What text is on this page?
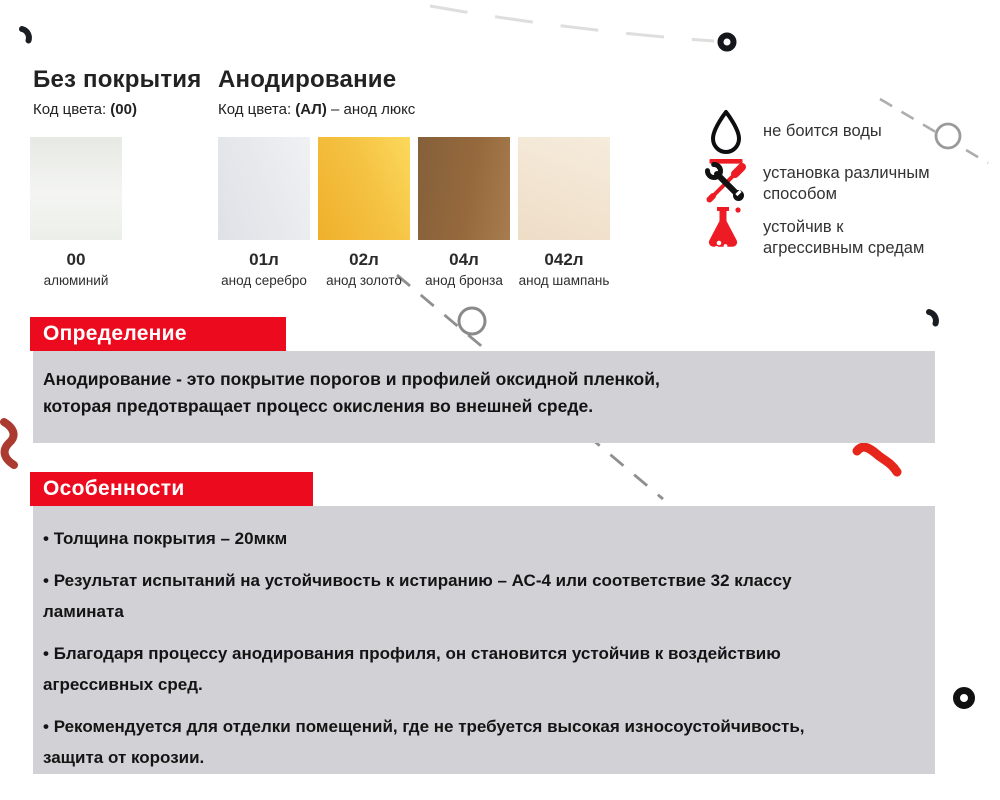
Без покрытия
Код цвета: (00)
Анодирование
Код цвета: (АЛ) – анод люкс
00
алюминий
01л
анод серебро
02л
анод золото
04л
анод бронза
042л
анод шампань
не боится воды
установка различным
способом
устойчив к
агрессивным средам
Определение
Анодирование - это покрытие порогов и профилей оксидной пленкой,
которая предотвращает процесс окисления во внешней среде.
Особенности
• Толщина покрытия – 20мкм
• Результат испытаний на устойчивость к истиранию – АС-4 или соответствие 32 классу
ламината
• Благодаря процессу анодирования профиля, он становится устойчив к воздействию
агрессивных сред.
• Рекомендуется для отделки помещений, где не требуется высокая износоустойчивость,
защита от корозии.
